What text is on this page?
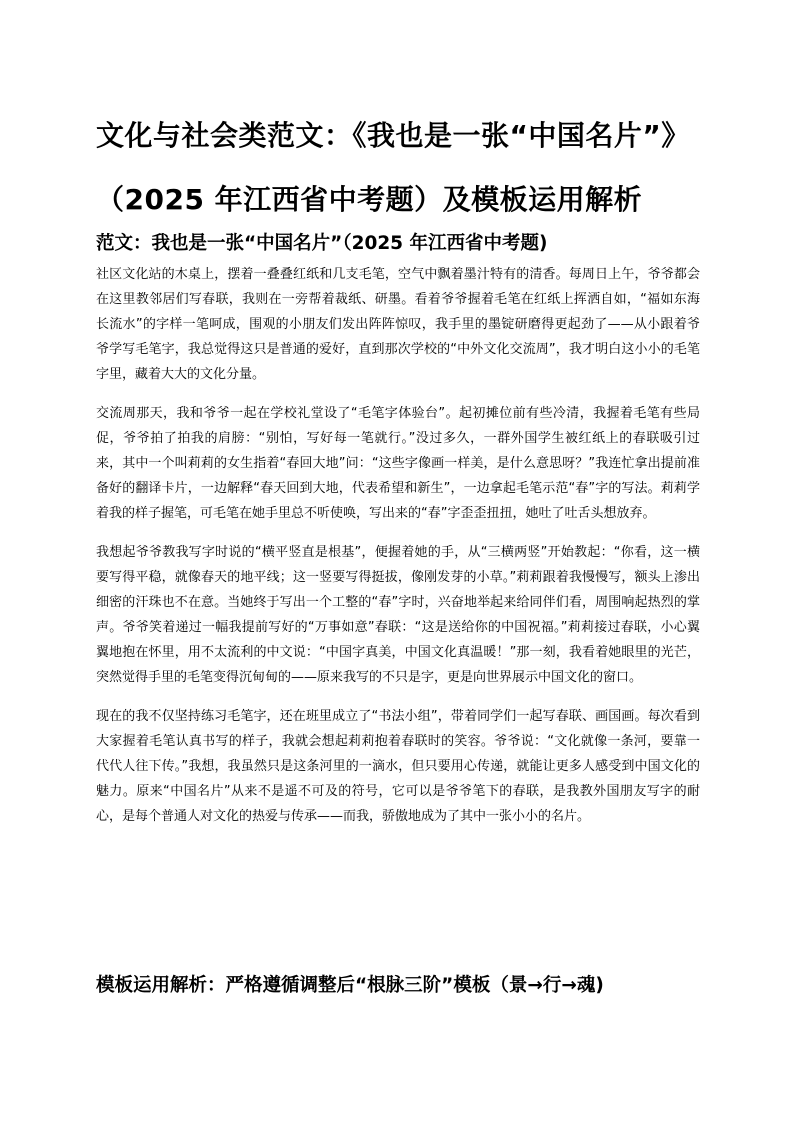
文化与社会类范文：《我也是一张“中国名片”》（2025 年江西省中考题）及模板运用解析
范文：我也是一张“中国名片”（2025 年江西省中考题)

社区文化站的木桌上，摆着一叠叠红纸和几支毛笔，空气中飘着墨汁特有的清香。每周日上午，爷爷都会在这里教邻居们写春联，我则在一旁帮着裁纸、研墨。看着爷爷握着毛笔在红纸上挥洒自如，“福如东海长流水”的字样一笔呵成，围观的小朋友们发出阵阵惊叹，我手里的墨锭研磨得更起劲了——从小跟着爷爷学写毛笔字，我总觉得这只是普通的爱好，直到那次学校的“中外文化交流周”，我才明白这小小的毛笔字里，藏着大大的文化分量。

交流周那天，我和爷爷一起在学校礼堂设了“毛笔字体验台”。起初摊位前有些冷清，我握着毛笔有些局促，爷爷拍了拍我的肩膀：“别怕，写好每一笔就行。”没过多久，一群外国学生被红纸上的春联吸引过来，其中一个叫莉莉的女生指着“春回大地”问：“这些字像画一样美，是什么意思呀？”我连忙拿出提前准备好的翻译卡片，一边解释“春天回到大地，代表希望和新生”，一边拿起毛笔示范“春”字的写法。莉莉学着我的样子握笔，可毛笔在她手里总不听使唤，写出来的“春”字歪歪扭扭，她吐了吐舌头想放弃。

我想起爷爷教我写字时说的“横平竖直是根基”，便握着她的手，从“三横两竖”开始教起：“你看，这一横要写得平稳，就像春天的地平线；这一竖要写得挺拔，像刚发芽的小草。”莉莉跟着我慢慢写，额头上渗出细密的汗珠也不在意。当她终于写出一个工整的“春”字时，兴奋地举起来给同伴们看，周围响起热烈的掌声。爷爷笑着递过一幅我提前写好的“万事如意”春联：“这是送给你的中国祝福。”莉莉接过春联，小心翼翼地抱在怀里，用不太流利的中文说：“中国字真美，中国文化真温暖！”那一刻，我看着她眼里的光芒，突然觉得手里的毛笔变得沉甸甸的——原来我写的不只是字，更是向世界展示中国文化的窗口。

现在的我不仅坚持练习毛笔字，还在班里成立了“书法小组”，带着同学们一起写春联、画国画。每次看到大家握着毛笔认真书写的样子，我就会想起莉莉抱着春联时的笑容。爷爷说：“文化就像一条河，要靠一代代人往下传。”我想，我虽然只是这条河里的一滴水，但只要用心传递，就能让更多人感受到中国文化的魅力。原来“中国名片”从来不是遥不可及的符号，它可以是爷爷笔下的春联，是我教外国朋友写字的耐心，是每个普通人对文化的热爱与传承——而我，骄傲地成为了其中一张小小的名片。

模板运用解析：严格遵循调整后“根脉三阶”模板（景→行→魂)
